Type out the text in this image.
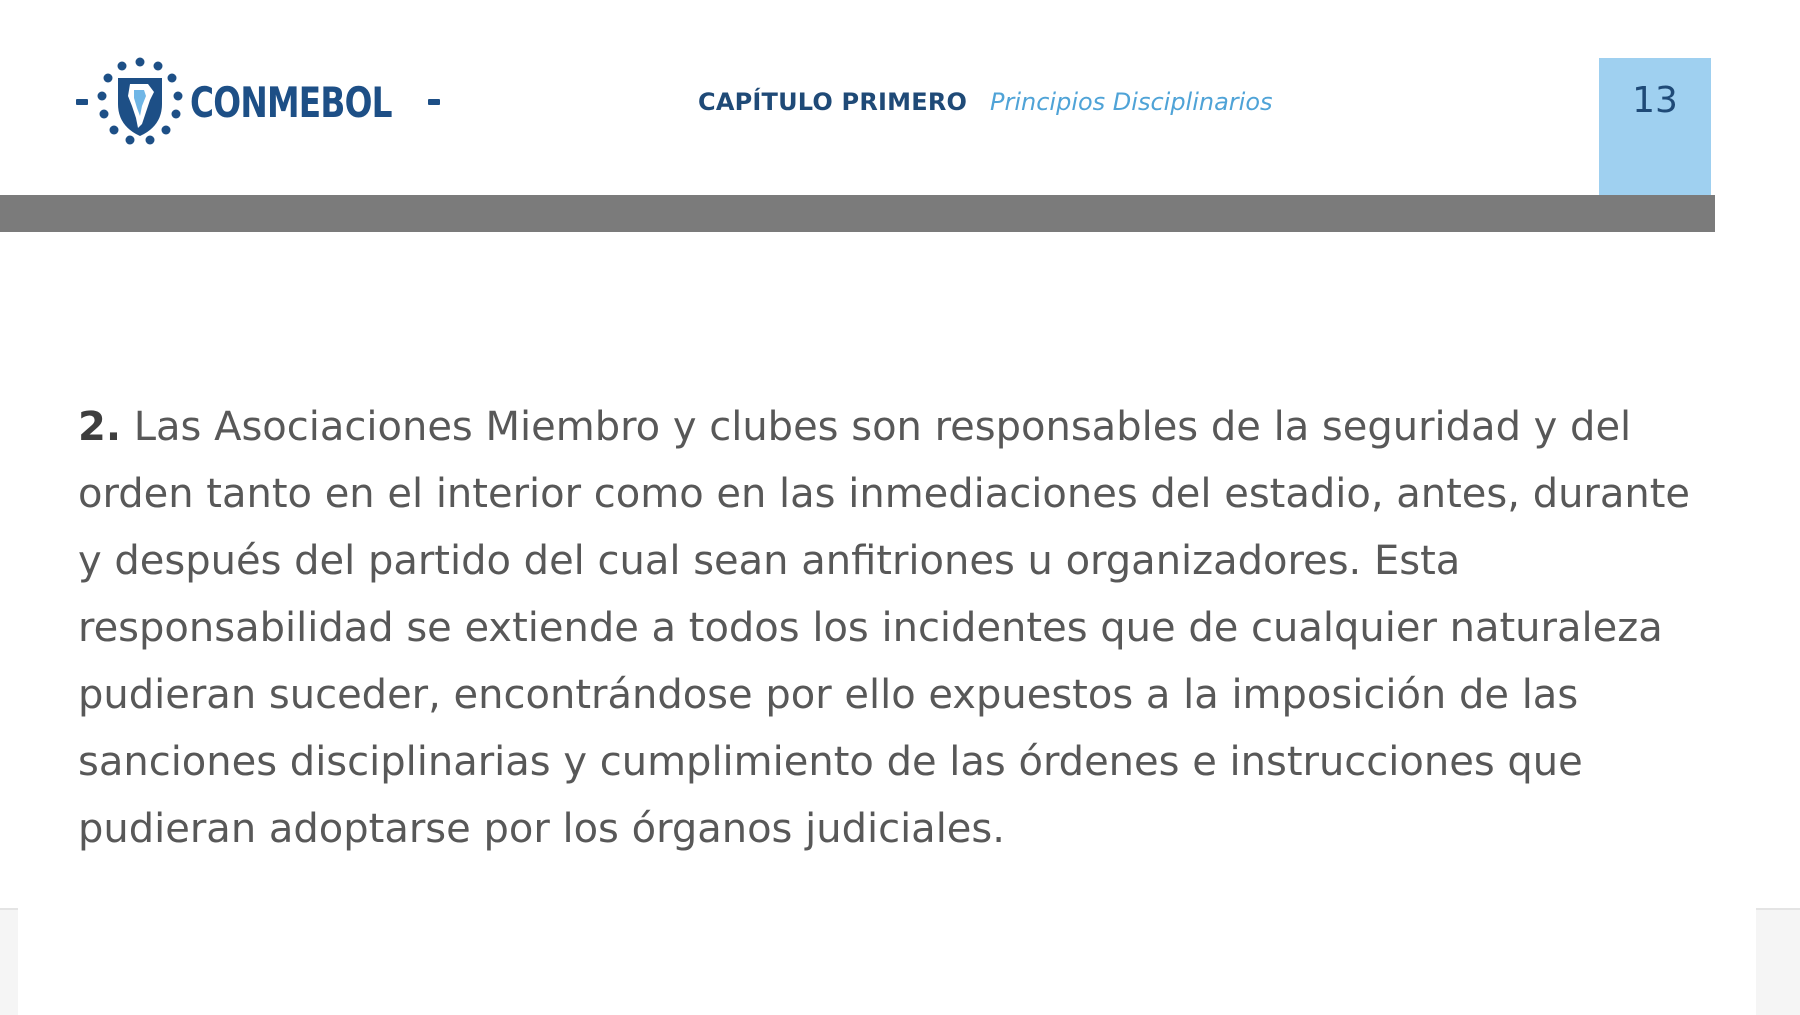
CONMEBOL	CAPÍTULO PRIMERO Principios Disciplinarios	13

2. Las Asociaciones Miembro y clubes son responsables de la seguridad y del orden tanto en el interior como en las inmediaciones del estadio, antes, durante y después del partido del cual sean anfitriones u organizadores. Esta responsabilidad se extiende a todos los incidentes que de cualquier naturaleza pudieran suceder, encontrándose por ello expuestos a la imposición de las sanciones disciplinarias y cumplimiento de las órdenes e instrucciones que pudieran adoptarse por los órganos judiciales.
